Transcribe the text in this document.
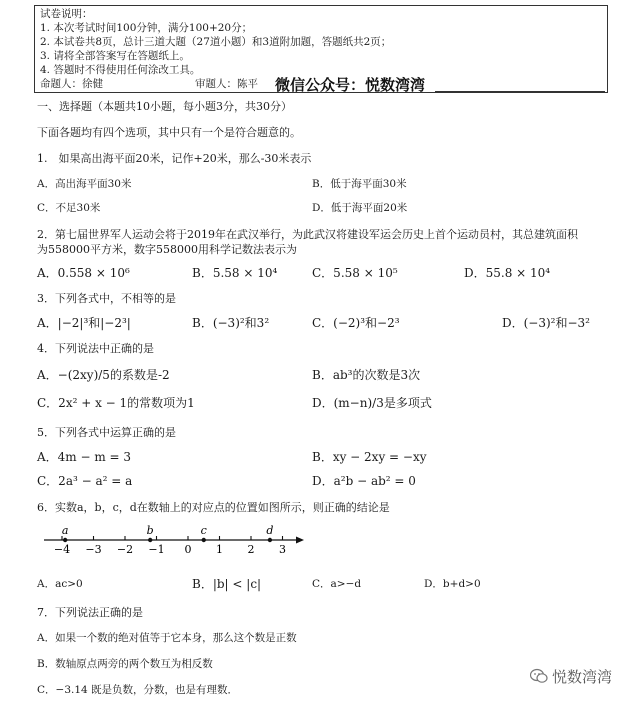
试卷说明：
1. 本次考试时间100分钟，满分100+20分；
2. 本试卷共8页，总计三道大题（27道小题）和3道附加题，答题纸共2页；
3. 请将全部答案写在答题纸上。
4. 答题时不得使用任何涂改工具。
命题人：徐健	审题人：陈平 微信公众号：悦数湾湾
一、选择题（本题共10小题，每小题3分，共30分）
下面各题均有四个选项，其中只有一个是符合题意的。
1.　如果高出海平面20米，记作+20米，那么-30米表示
A．高出海平面30米	B．低于海平面30米
C．不足30米	D．低于海平面20米
2．第七届世界军人运动会将于2019年在武汉举行，为此武汉将建设军运会历史上首个运动员村，其总建筑面积
为558000平方米，数字558000用科学记数法表示为
A．0.558 × 10⁶	B．5.58 × 10⁴	C．5.58 × 10⁵	D．55.8 × 10⁴
3．下列各式中，不相等的是
A．|−2|³和|−2³|	B．(−3)²和3²	C．(−2)³和−2³	D．(−3)²和−3²
4．下列说法中正确的是
A．−(2xy)/5的系数是-2	B．ab³的次数是3次
C．2x² + x − 1的常数项为1	D．(m−n)/3是多项式
5．下列各式中运算正确的是
A．4m − m = 3	B．xy − 2xy = −xy
C．2a³ − a² = a	D．a²b − ab² = 0
6．实数a，b，c，d在数轴上的对应点的位置如图所示，则正确的结论是
−4 −3 −2 −1 0 1 2 3
a	b	c	d
A．ac>0	B．|b| < |c|	C．a>−d	D．b+d>0
7．下列说法正确的是
A．如果一个数的绝对值等于它本身，那么这个数是正数
B．数轴原点两旁的两个数互为相反数
C．−3.14 既是负数，分数，也是有理数．
悦数湾湾
